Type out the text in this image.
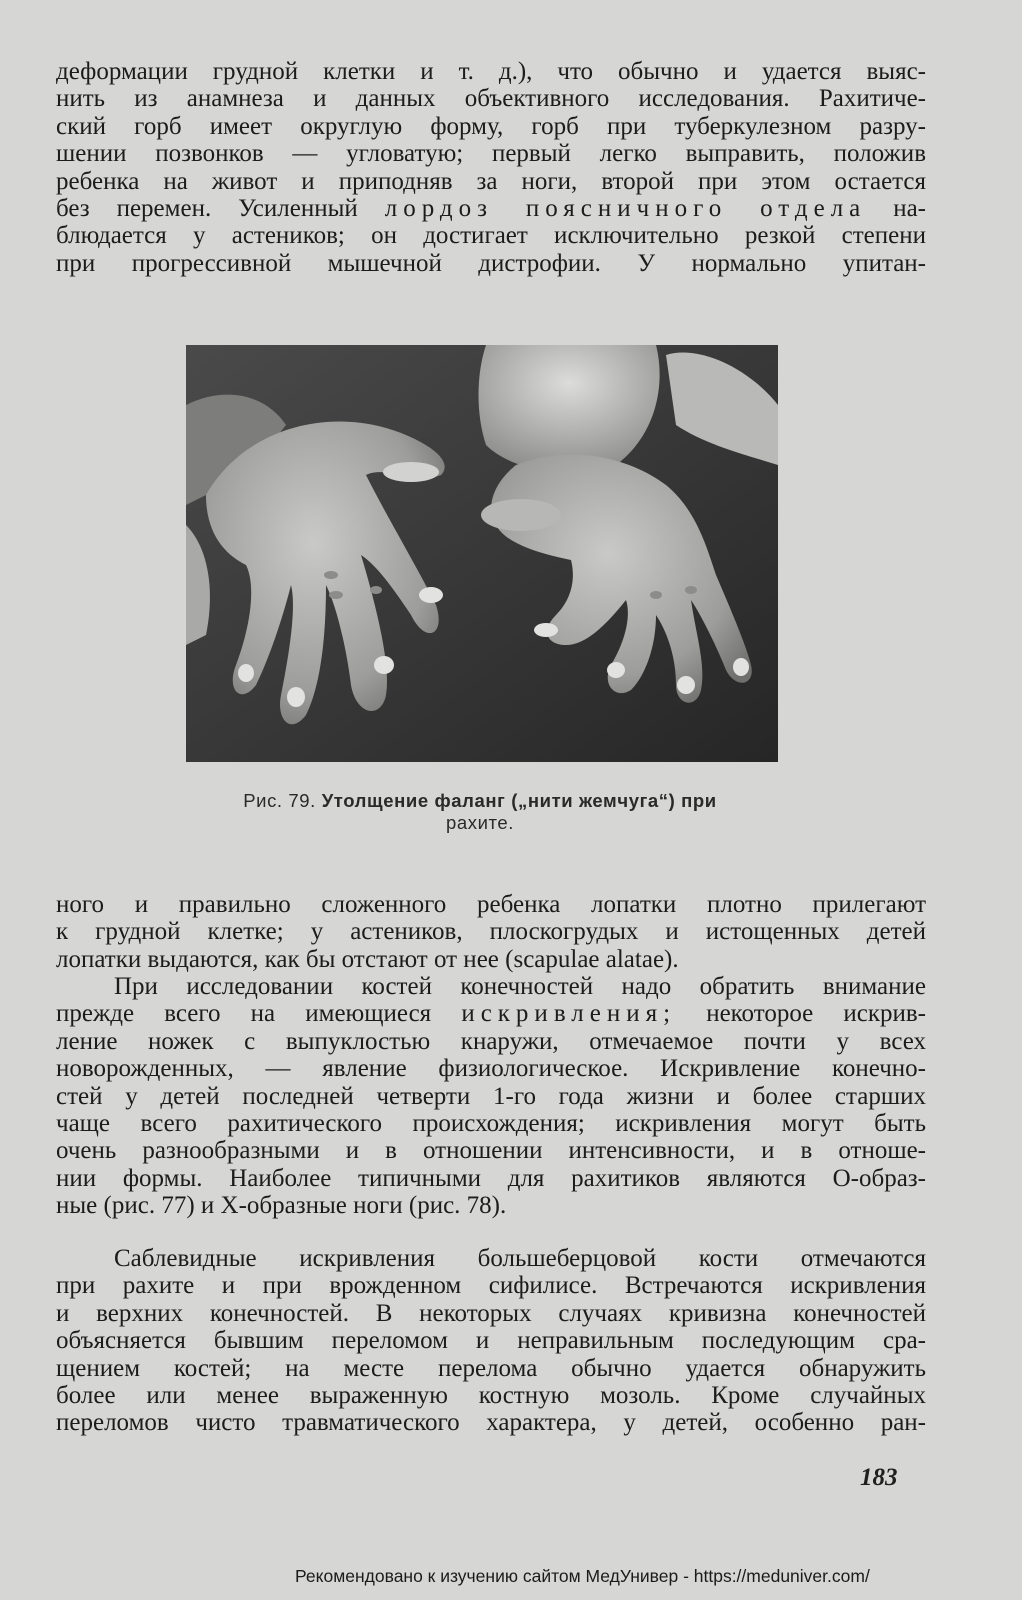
деформации грудной клетки и т. д.), что обычно и удается выяс-
нить из анамнеза и данных объективного исследования. Рахитиче-
ский горб имеет округлую форму, горб при туберкулезном разру-
шении позвонков — угловатую; первый легко выправить, положив
ребенка на живот и приподняв за ноги, второй при этом остается
без перемен. Усиленный лордоз поясничного отдела на-
блюдается у астеников; он достигает исключительно резкой степени
при прогрессивной мышечной дистрофии. У нормально упитан-
Рис. 79. Утолщение фаланг („нити жемчуга“) при
рахите.
ного и правильно сложенного ребенка лопатки плотно прилегают
к грудной клетке; у астеников, плоскогрудых и истощенных детей
лопатки выдаются, как бы отстают от нее (scapulae alatae).
При исследовании костей конечностей надо обратить внимание
прежде всего на имеющиеся искривления; некоторое искрив-
ление ножек с выпуклостью кнаружи, отмечаемое почти у всех
новорожденных, — явление физиологическое. Искривление конечно-
стей у детей последней четверти 1-го года жизни и более старших
чаще всего рахитического происхождения; искривления могут быть
очень разнообразными и в отношении интенсивности, и в отноше-
нии формы. Наиболее типичными для рахитиков являются О-образ-
ные (рис. 77) и Х-образные ноги (рис. 78).
Саблевидные искривления большеберцовой кости отмечаются
при рахите и при врожденном сифилисе. Встречаются искривления
и верхних конечностей. В некоторых случаях кривизна конечностей
объясняется бывшим переломом и неправильным последующим сра-
щением костей; на месте перелома обычно удается обнаружить
более или менее выраженную костную мозоль. Кроме случайных
переломов чисто травматического характера, у детей, особенно ран-
183
Рекомендовано к изучению сайтом МедУнивер - https://meduniver.com/
